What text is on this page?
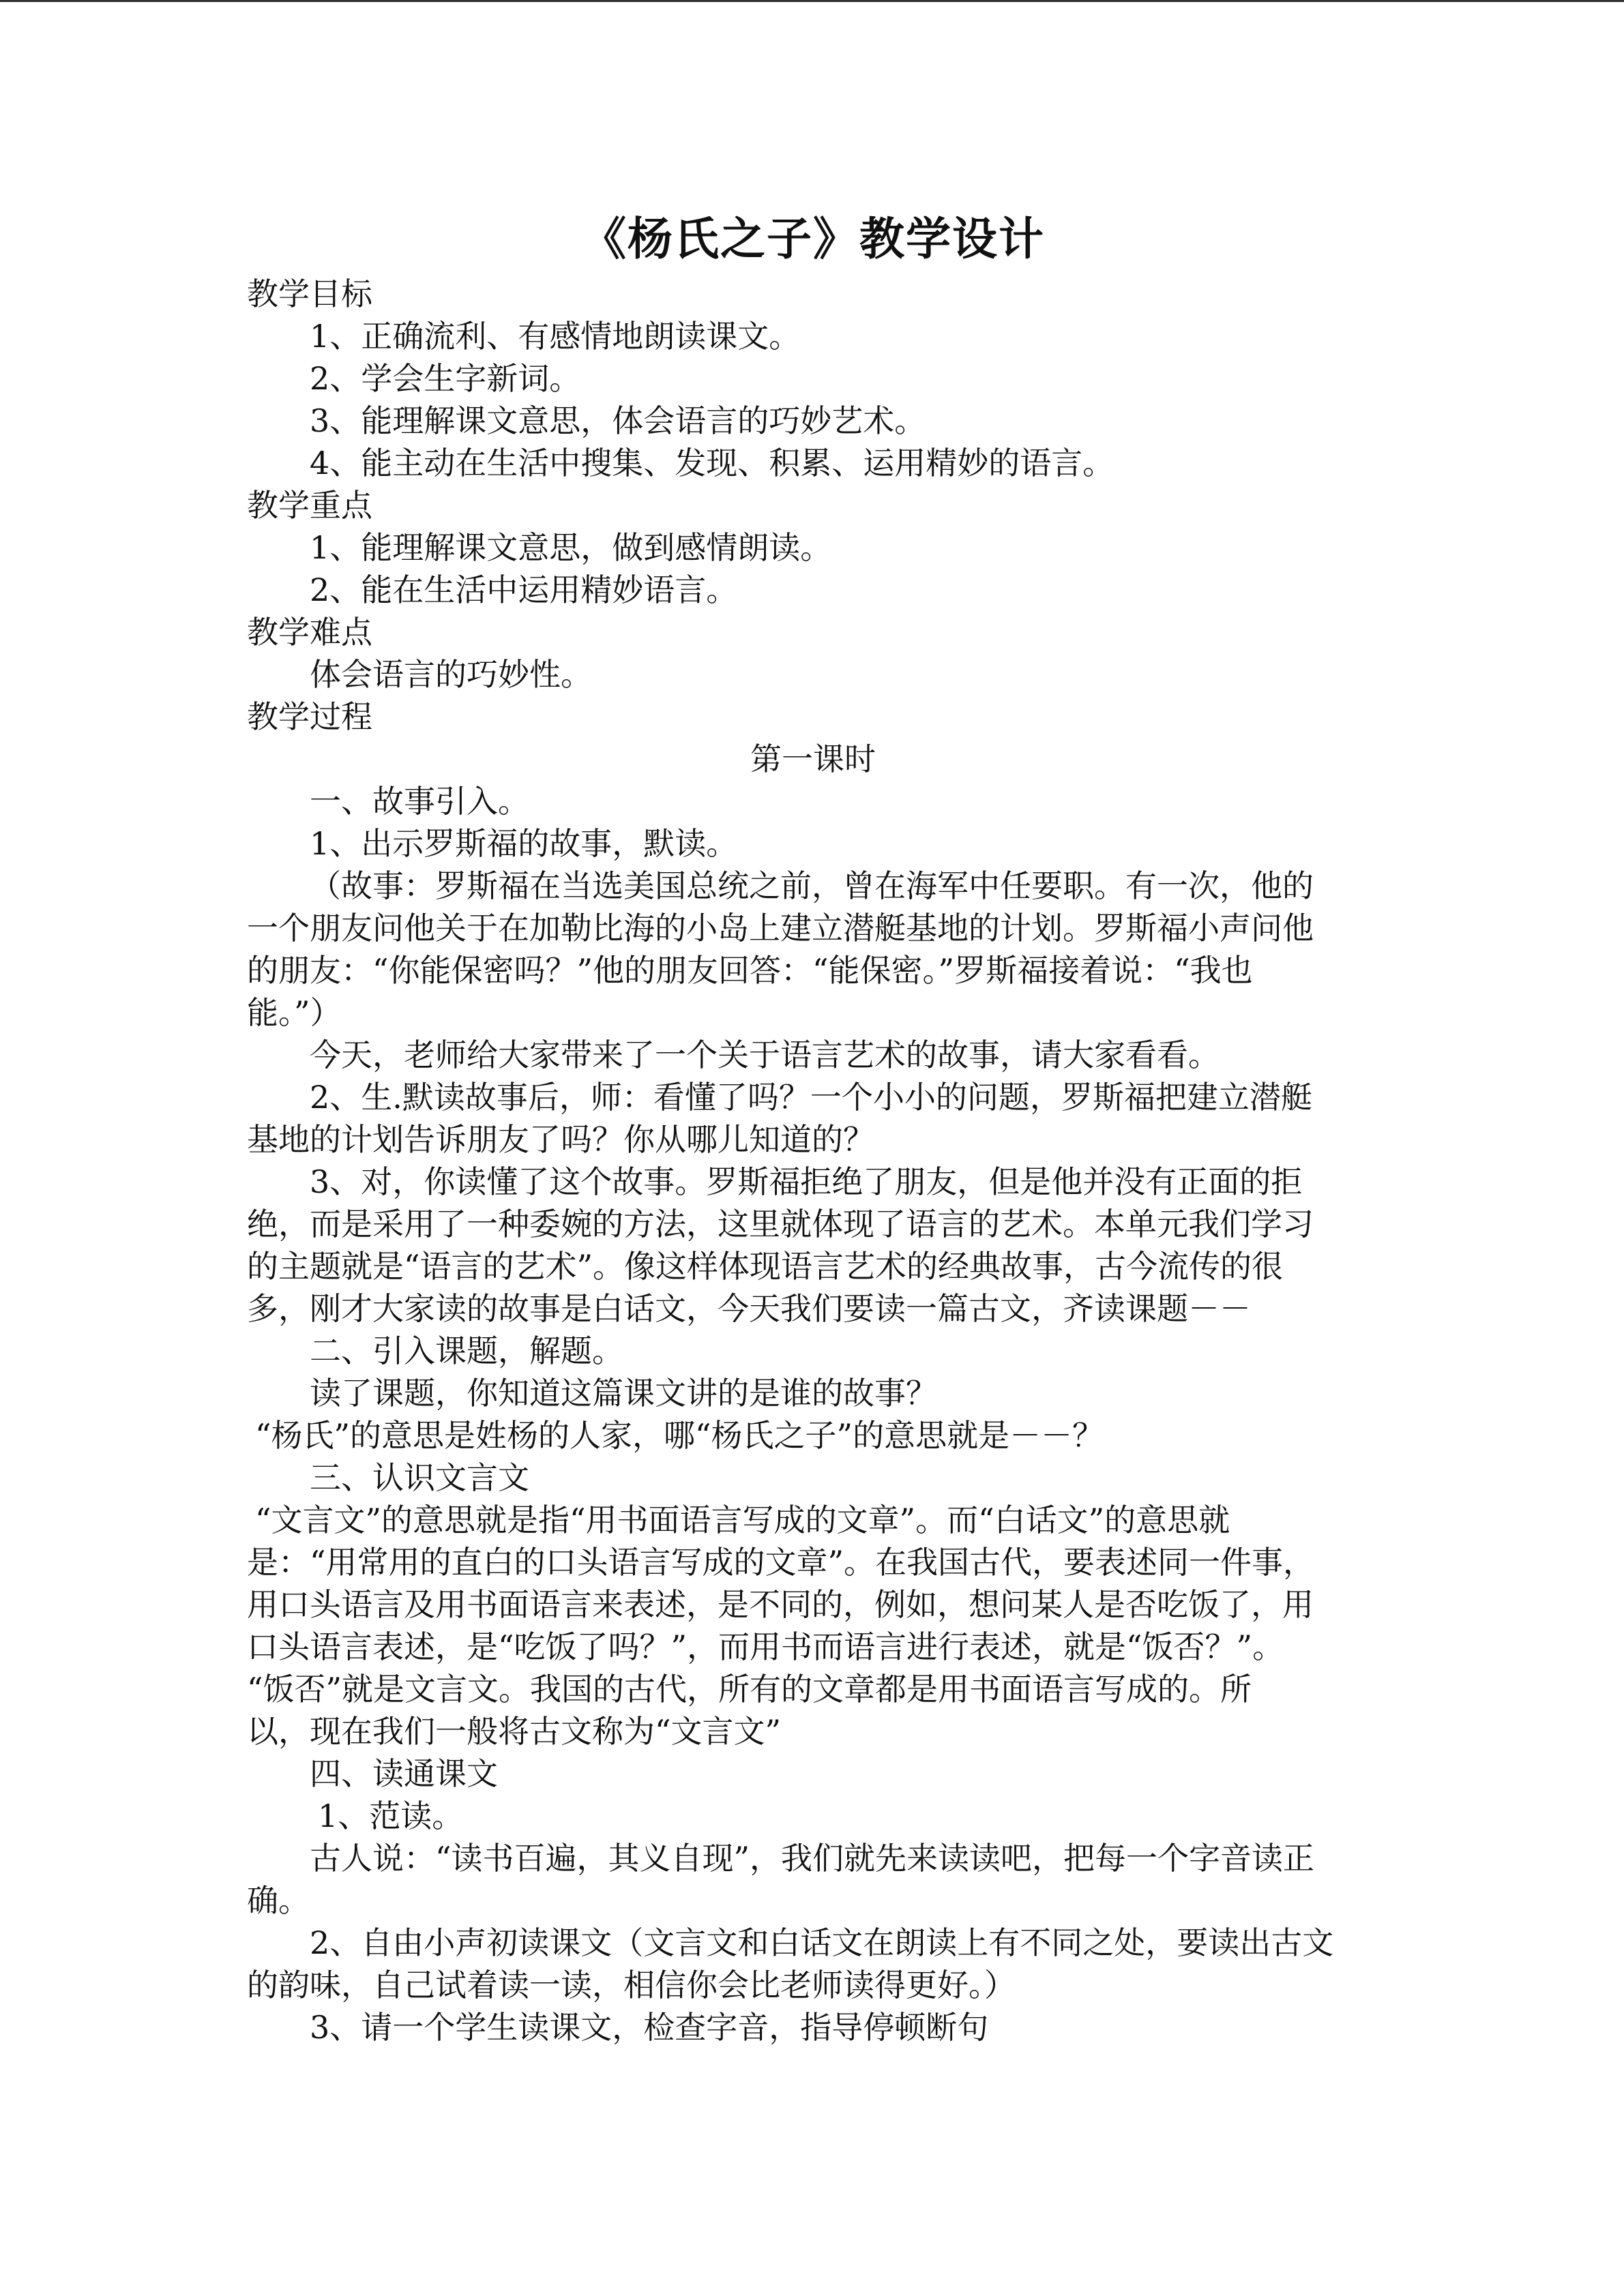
《杨氏之子》教学设计

教学目标

1、正确流利、有感情地朗读课文。

2、学会生字新词。

3、能理解课文意思，体会语言的巧妙艺术。

4、能主动在生活中搜集、发现、积累、运用精妙的语言。

教学重点

1、能理解课文意思，做到感情朗读。

2、能在生活中运用精妙语言。

教学难点

体会语言的巧妙性。

教学过程

第一课时

一、故事引入。

1、出示罗斯福的故事，默读。

（故事：罗斯福在当选美国总统之前，曾在海军中任要职。有一次，他的

一个朋友问他关于在加勒比海的小岛上建立潜艇基地的计划。罗斯福小声问他

的朋友：“你能保密吗？”他的朋友回答：“能保密。”罗斯福接着说：“我也

能。”）

今天，老师给大家带来了一个关于语言艺术的故事，请大家看看。

2、生.默读故事后，师：看懂了吗？一个小小的问题，罗斯福把建立潜艇

基地的计划告诉朋友了吗？你从哪儿知道的？

3、对，你读懂了这个故事。罗斯福拒绝了朋友，但是他并没有正面的拒

绝，而是采用了一种委婉的方法，这里就体现了语言的艺术。本单元我们学习

的主题就是“语言的艺术”。像这样体现语言艺术的经典故事，古今流传的很

多，刚才大家读的故事是白话文，今天我们要读一篇古文，齐读课题－－

二、引入课题，解题。

读了课题，你知道这篇课文讲的是谁的故事？

“杨氏”的意思是姓杨的人家，哪“杨氏之子”的意思就是－－？

三、认识文言文

“文言文”的意思就是指“用书面语言写成的文章”。而“白话文”的意思就

是：“用常用的直白的口头语言写成的文章”。在我国古代，要表述同一件事，

用口头语言及用书面语言来表述，是不同的，例如，想问某人是否吃饭了，用

口头语言表述，是“吃饭了吗？”，而用书而语言进行表述，就是“饭否？”。

“饭否”就是文言文。我国的古代，所有的文章都是用书面语言写成的。所

以，现在我们一般将古文称为“文言文”

四、读通课文

1、范读。

古人说：“读书百遍，其义自现”，我们就先来读读吧，把每一个字音读正

确。

2、自由小声初读课文（文言文和白话文在朗读上有不同之处，要读出古文

的韵味，自己试着读一读，相信你会比老师读得更好。）

3、请一个学生读课文，检查字音，指导停顿断句
